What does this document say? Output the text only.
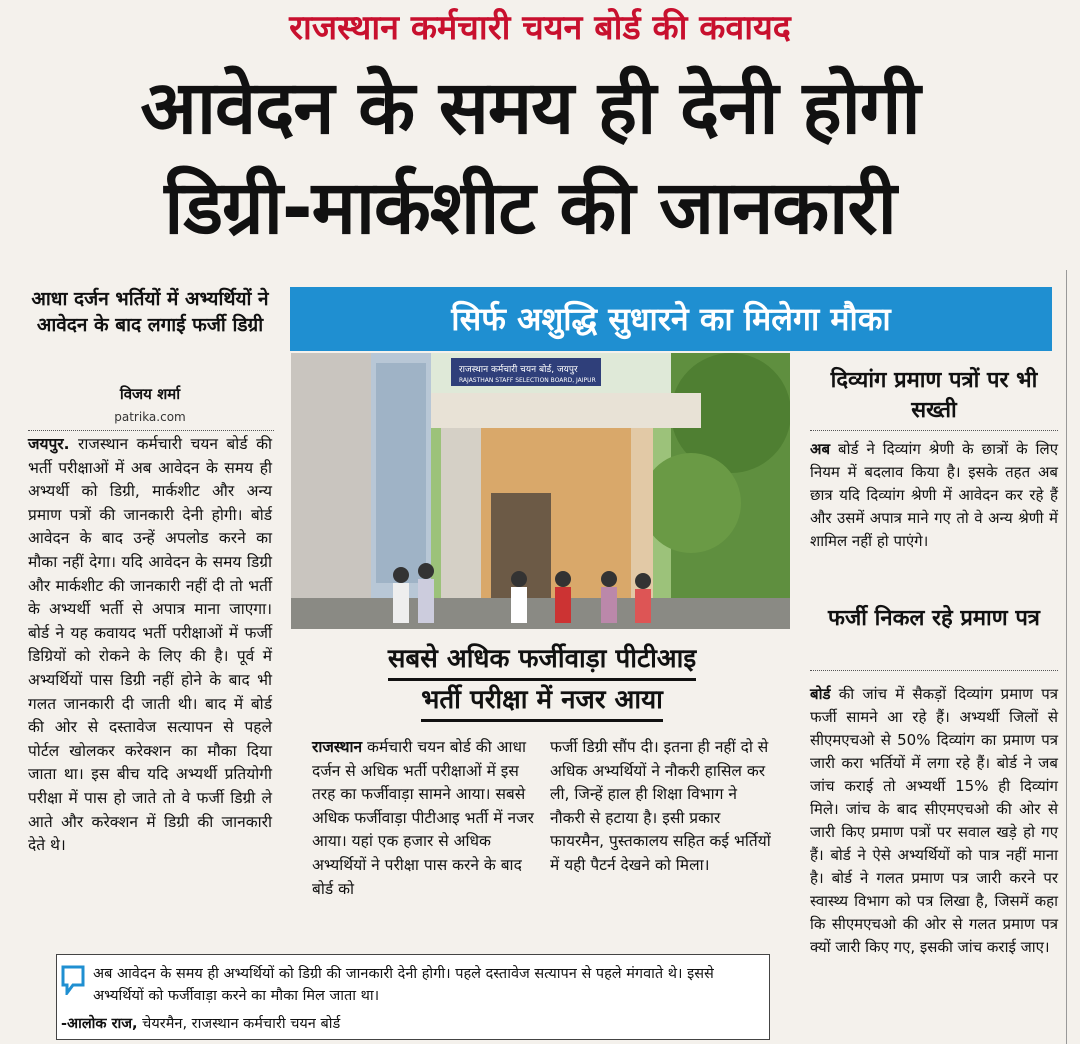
राजस्थान कर्मचारी चयन बोर्ड की कवायद
आवेदन के समय ही देनी होगी
डिग्री-मार्कशीट की जानकारी
आधा दर्जन भर्तियों में अभ्यर्थियों ने आवेदन के बाद लगाई फर्जी डिग्री
विजय शर्मा
patrika.com
जयपुर. राजस्थान कर्मचारी चयन बोर्ड की भर्ती परीक्षाओं में अब आवेदन के समय ही अभ्यर्थी को डिग्री, मार्कशीट और अन्य प्रमाण पत्रों की जानकारी देनी होगी। बोर्ड आवेदन के बाद उन्हें अपलोड करने का मौका नहीं देगा। यदि आवेदन के समय डिग्री और मार्कशीट की जानकारी नहीं दी तो भर्ती के अभ्यर्थी भर्ती से अपात्र माना जाएगा। बोर्ड ने यह कवायद भर्ती परीक्षाओं में फर्जी डिग्रियों को रोकने के लिए की है। पूर्व में अभ्यर्थियों पास डिग्री नहीं होने के बाद भी गलत जानकारी दी जाती थी। बाद में बोर्ड की ओर से दस्तावेज सत्यापन से पहले पोर्टल खोलकर करेक्शन का मौका दिया जाता था। इस बीच यदि अभ्यर्थी प्रतियोगी परीक्षा में पास हो जाते तो वे फर्जी डिग्री ले आते और करेक्शन में डिग्री की जानकारी देते थे।
सिर्फ अशुद्धि सुधारने का मिलेगा मौका
राजस्थान कर्मचारी चयन बोर्ड, जयपुर
RAJASTHAN STAFF SELECTION BOARD, JAIPUR
सबसे अधिक फर्जीवाड़ा पीटीआइ
भर्ती परीक्षा में नजर आया
राजस्थान कर्मचारी चयन बोर्ड की आधा दर्जन से अधिक भर्ती परीक्षाओं में इस तरह का फर्जीवाड़ा सामने आया। सबसे अधिक फर्जीवाड़ा पीटीआइ भर्ती में नजर आया। यहां एक हजार से अधिक अभ्यर्थियों ने परीक्षा पास करने के बाद बोर्ड को
फर्जी डिग्री सौंप दी। इतना ही नहीं दो से अधिक अभ्यर्थियों ने नौकरी हासिल कर ली, जिन्हें हाल ही शिक्षा विभाग ने नौकरी से हटाया है। इसी प्रकार फायरमैन, पुस्तकालय सहित कई भर्तियों में यही पैटर्न देखने को मिला।
अब आवेदन के समय ही अभ्यर्थियों को डिग्री की जानकारी देनी होगी। पहले दस्तावेज सत्यापन से पहले मंगवाते थे। इससे अभ्यर्थियों को फर्जीवाड़ा करने का मौका मिल जाता था।
-आलोक राज, चेयरमैन, राजस्थान कर्मचारी चयन बोर्ड
दिव्यांग प्रमाण पत्रों पर भी सख्ती
अब बोर्ड ने दिव्यांग श्रेणी के छात्रों के लिए नियम में बदलाव किया है। इसके तहत अब छात्र यदि दिव्यांग श्रेणी में आवेदन कर रहे हैं और उसमें अपात्र माने गए तो वे अन्य श्रेणी में शामिल नहीं हो पाएंगे।
फर्जी निकल रहे प्रमाण पत्र
बोर्ड की जांच में सैकड़ों दिव्यांग प्रमाण पत्र फर्जी सामने आ रहे हैं। अभ्यर्थी जिलों से सीएमएचओ से 50% दिव्यांग का प्रमाण पत्र जारी करा भर्तियों में लगा रहे हैं। बोर्ड ने जब जांच कराई तो अभ्यर्थी 15% ही दिव्यांग मिले। जांच के बाद सीएमएचओ की ओर से जारी किए प्रमाण पत्रों पर सवाल खड़े हो गए हैं। बोर्ड ने ऐसे अभ्यर्थियों को पात्र नहीं माना है। बोर्ड ने गलत प्रमाण पत्र जारी करने पर स्वास्थ्य विभाग को पत्र लिखा है, जिसमें कहा कि सीएमएचओ की ओर से गलत प्रमाण पत्र क्यों जारी किए गए, इसकी जांच कराई जाए।
